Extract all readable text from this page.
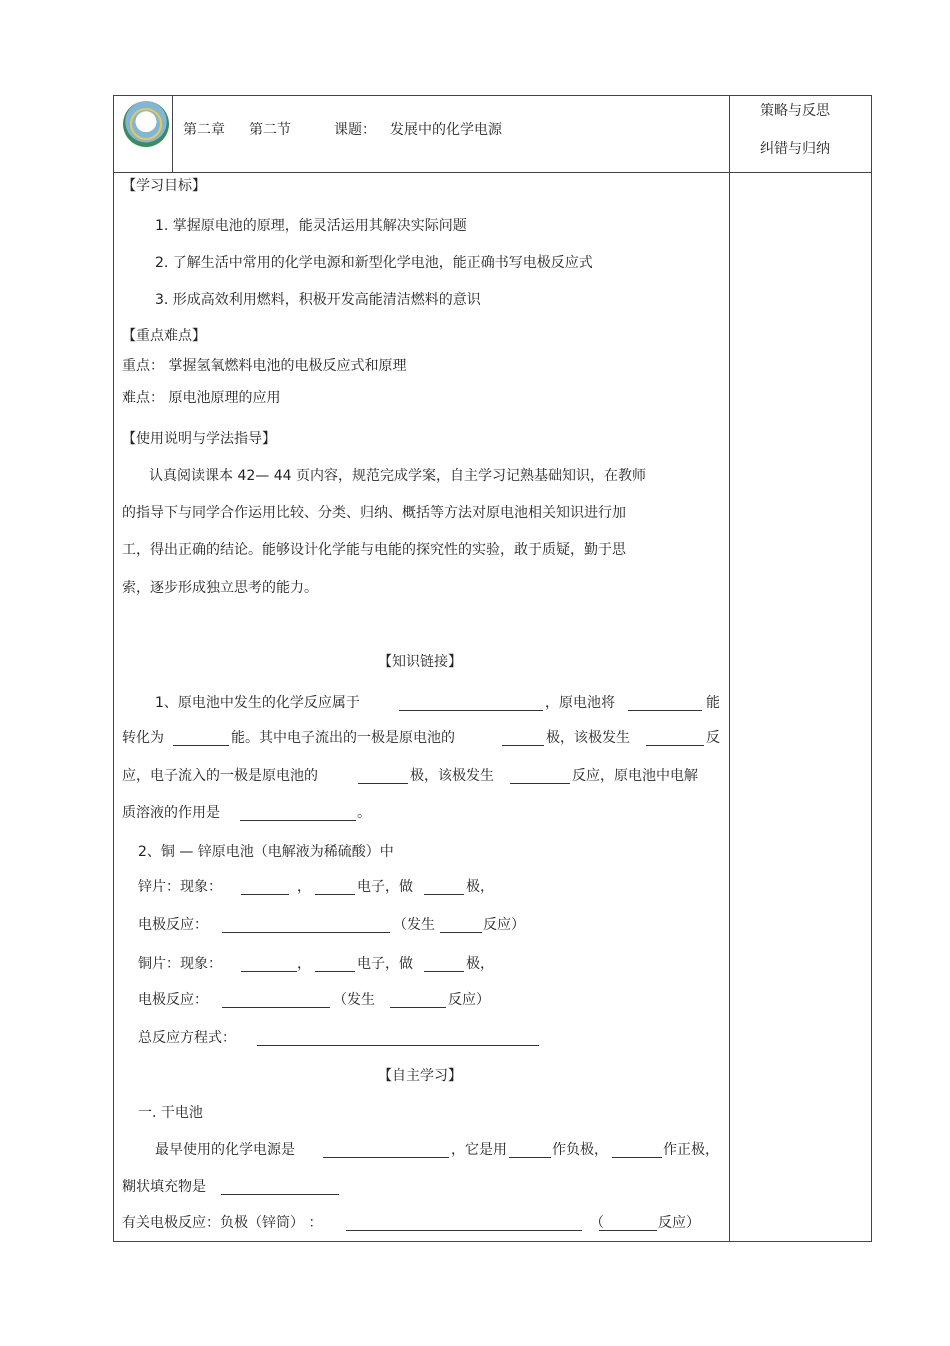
第二章 第二节	课题： 发展中的化学电源
策略与反思
纠错与归纳
【学习目标】
1. 掌握原电池的原理，能灵活运用其解决实际问题
2. 了解生活中常用的化学电源和新型化学电池，能正确书写电极反应式
3. 形成高效利用燃料，积极开发高能清洁燃料的意识
【重点难点】
重点： 掌握氢氧燃料电池的电极反应式和原理
难点： 原电池原理的应用
【使用说明与学法指导】
认真阅读课本 42— 44 页内容，规范完成学案，自主学习记熟基础知识，在教师
的指导下与同学合作运用比较、分类、归纳、概括等方法对原电池相关知识进行加
工，得出正确的结论。能够设计化学能与电能的探究性的实验，敢于质疑，勤于思
索，逐步形成独立思考的能力。
【知识链接】
1、原电池中发生的化学反应属于	，原电池将	能
转化为	能。其中电子流出的一极是原电池的	极，该极发生	反
应，电子流入的一极是原电池的	极，该极发生	反应，原电池中电解
质溶液的作用是	。
2、铜 — 锌原电池（电解液为稀硫酸）中
锌片：现象：	，	电子，做	极，
电极反应：	（发生	反应）
铜片：现象：	，	电子，做	极，
电极反应：	（发生	反应）
总反应方程式：
【自主学习】
一. 干电池
最早使用的化学电源是	，它是用	作负极，	作正极，
糊状填充物是
有关电极反应：负极（锌筒） ：	（	反应）
